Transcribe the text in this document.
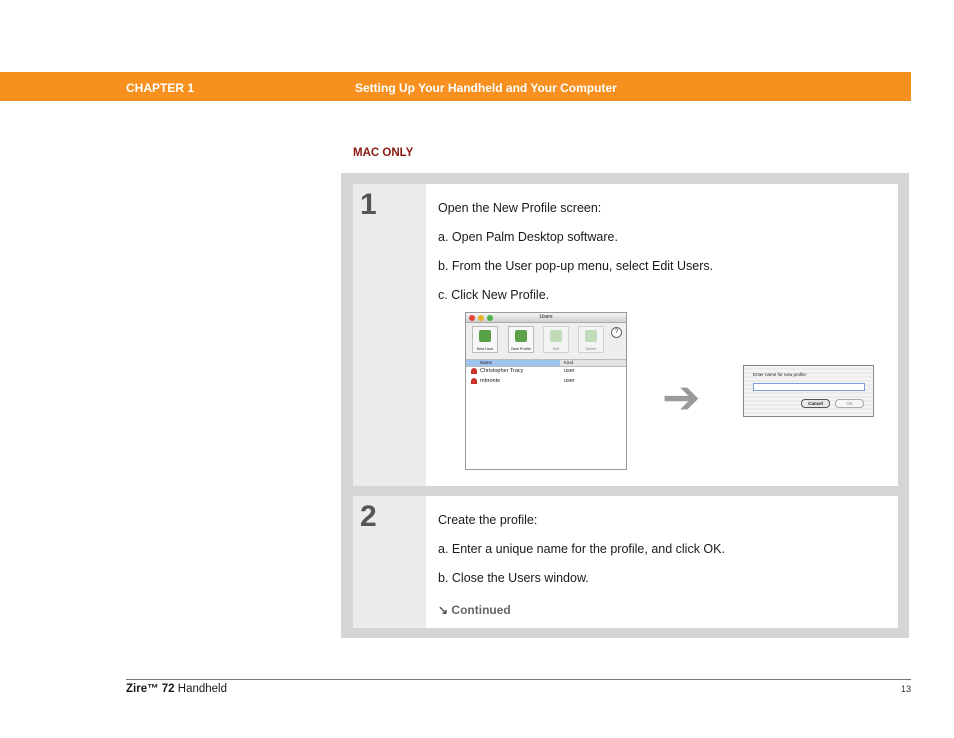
CHAPTER 1	Setting Up Your Handheld and Your Computer
MAC ONLY
1	Open the New Profile screen:
a. Open Palm Desktop software.
b. From the User pop-up menu, select Edit Users.
c. Click New Profile.
Users
New User	New Profile	Edit	Delete
?
Name	Kind
Christopher Tracy	user
mbronte	user ➔	Enter name for new profile:
Cancel	OK
2	Create the profile:
a. Enter a unique name for the profile, and click OK.
b. Close the Users window.
↘ Continued
Zire™ 72 Handheld	13
